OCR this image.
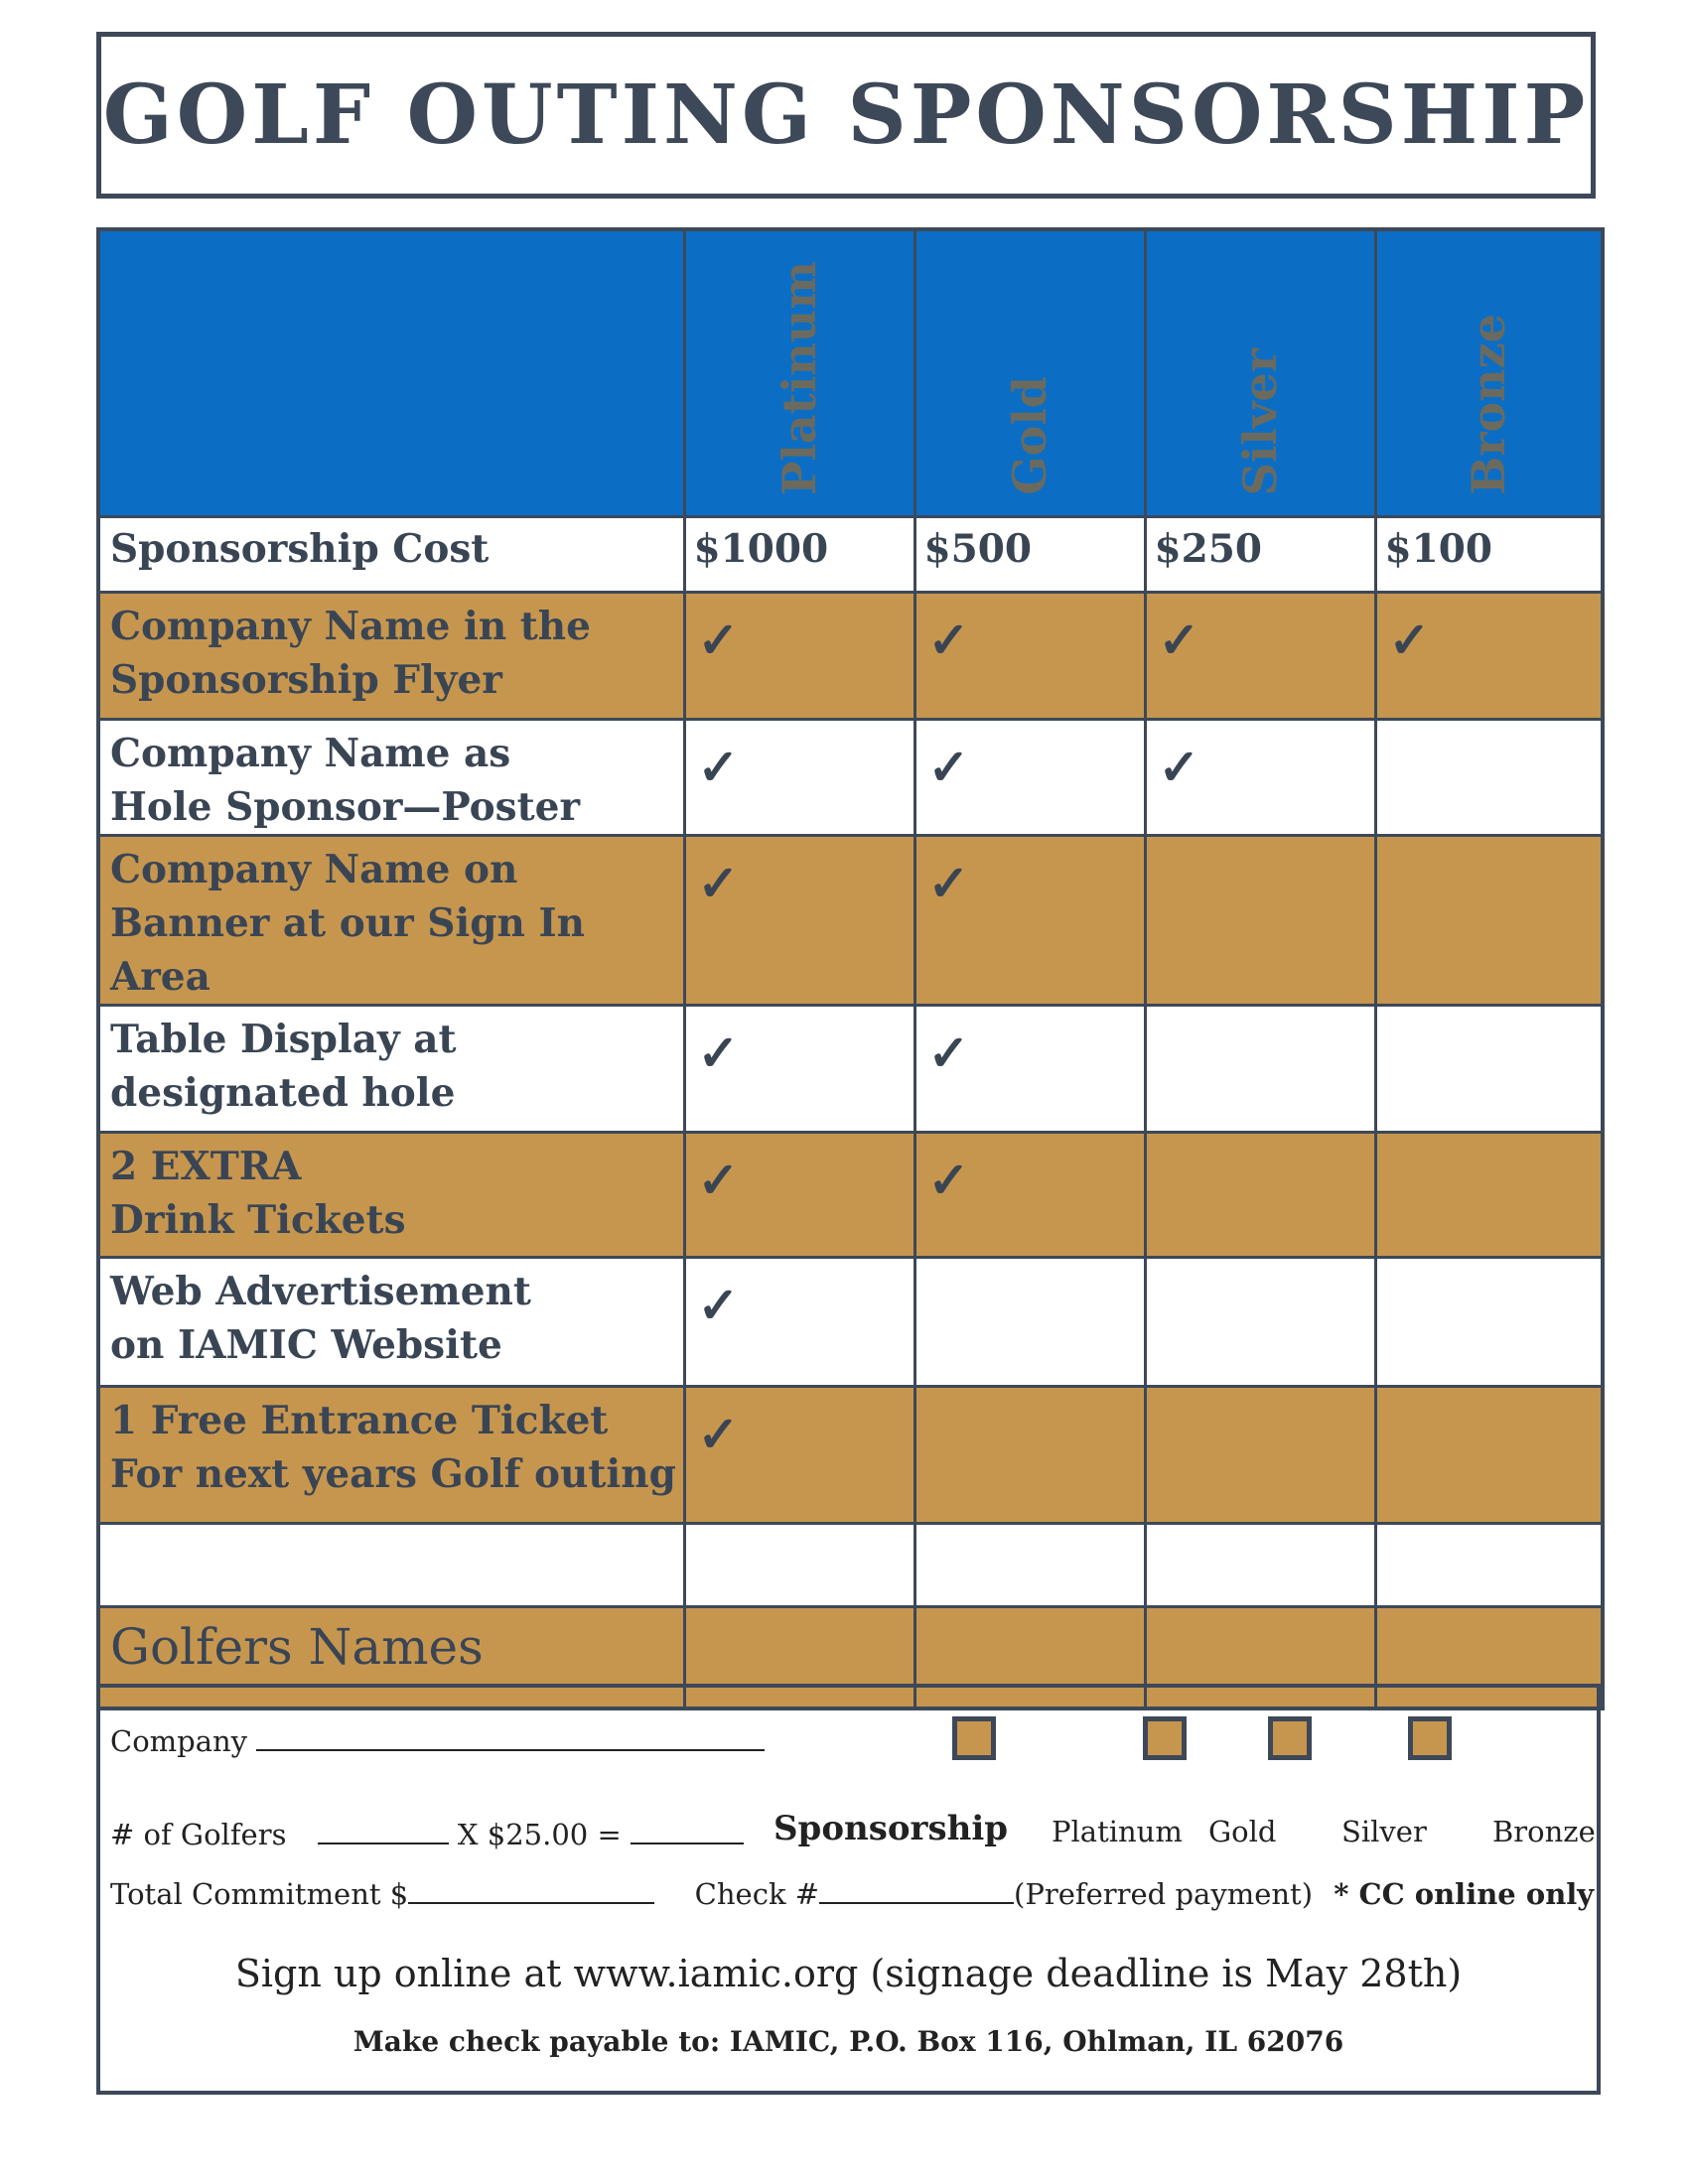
GOLF OUTING SPONSORSHIP

	Platinum	Gold	Silver	Bronze

Sponsorship Cost	$1000	$500	$250	$100

Company Name in the
Sponsorship Flyer	✓	✓	✓	✓

Company Name as
Hole Sponsor—Poster	✓	✓	✓	

Company Name on
Banner at our Sign In Area	✓	✓		

Table Display at
designated hole	✓	✓		

2 EXTRA
Drink Tickets	✓	✓		

Web Advertisement
on IAMIC Website	✓			

1 Free Entrance Ticket
For next years Golf outing	✓			

Golfers Names				
Company
# of Golfers	X $25.00 =	Sponsorship Platinum Gold Silver Bronze
Total Commitment $	Check #	(Preferred payment) * CC online only
Sign up online at www.iamic.org (signage deadline is May 28th)
Make check payable to: IAMIC, P.O. Box 116, Ohlman, IL 62076
